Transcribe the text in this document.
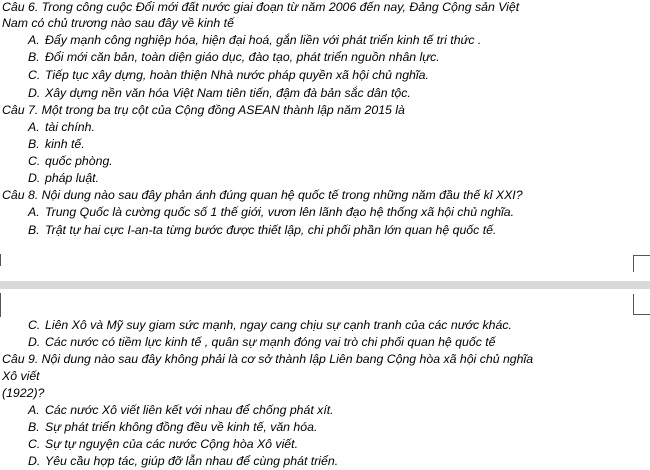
Câu 6. Trong công cuộc Đổi mới đất nước giai đoạn từ năm 2006 đến nay, Đảng Cộng sản Việt
Nam có chủ trương nào sau đây về kinh tế
A. Đẩy mạnh công nghiệp hóa, hiện đại hoá, gắn liền với phát triển kinh tế tri thức .
B. Đổi mới căn bản, toàn diện giáo dục, đào tạo, phát triển nguồn nhân lực.
C. Tiếp tục xây dựng, hoàn thiện Nhà nước pháp quyền xã hội chủ nghĩa.
D. Xây dựng nền văn hóa Việt Nam tiên tiến, đậm đà bản sắc dân tộc.
Câu 7. Một trong ba trụ cột của Cộng đồng ASEAN thành lập năm 2015 là
A. tài chính.
B. kinh tế.
C. quốc phòng.
D. pháp luật.
Câu 8. Nội dung nào sau đây phản ánh đúng quan hệ quốc tế trong những năm đầu thế kỉ XXI?
A. Trung Quốc là cường quốc số 1 thế giới, vươn lên lãnh đạo hệ thống xã hội chủ nghĩa.
B. Trật tự hai cực I-an-ta từng bước được thiết lập, chi phối phần lớn quan hệ quốc tế.
C. Liên Xô và Mỹ suy giam sức mạnh, ngay cang chịu sự cạnh tranh của các nước khác.
D. Các nước có tiềm lực kinh tế , quân sự mạnh đóng vai trò chi phối quan hệ quốc tế
Câu 9. Nội dung nào sau đây không phải là cơ sở thành lập Liên bang Cộng hòa xã hội chủ nghĩa
Xô viết
(1922)?
A. Các nước Xô viết liên kết với nhau để chống phát xít.
B. Sự phát triển không đồng đều về kinh tế, văn hóa.
C. Sự tự nguyện của các nước Cộng hòa Xô viết.
D. Yêu cầu hợp tác, giúp đỡ lẫn nhau để cùng phát triển.
